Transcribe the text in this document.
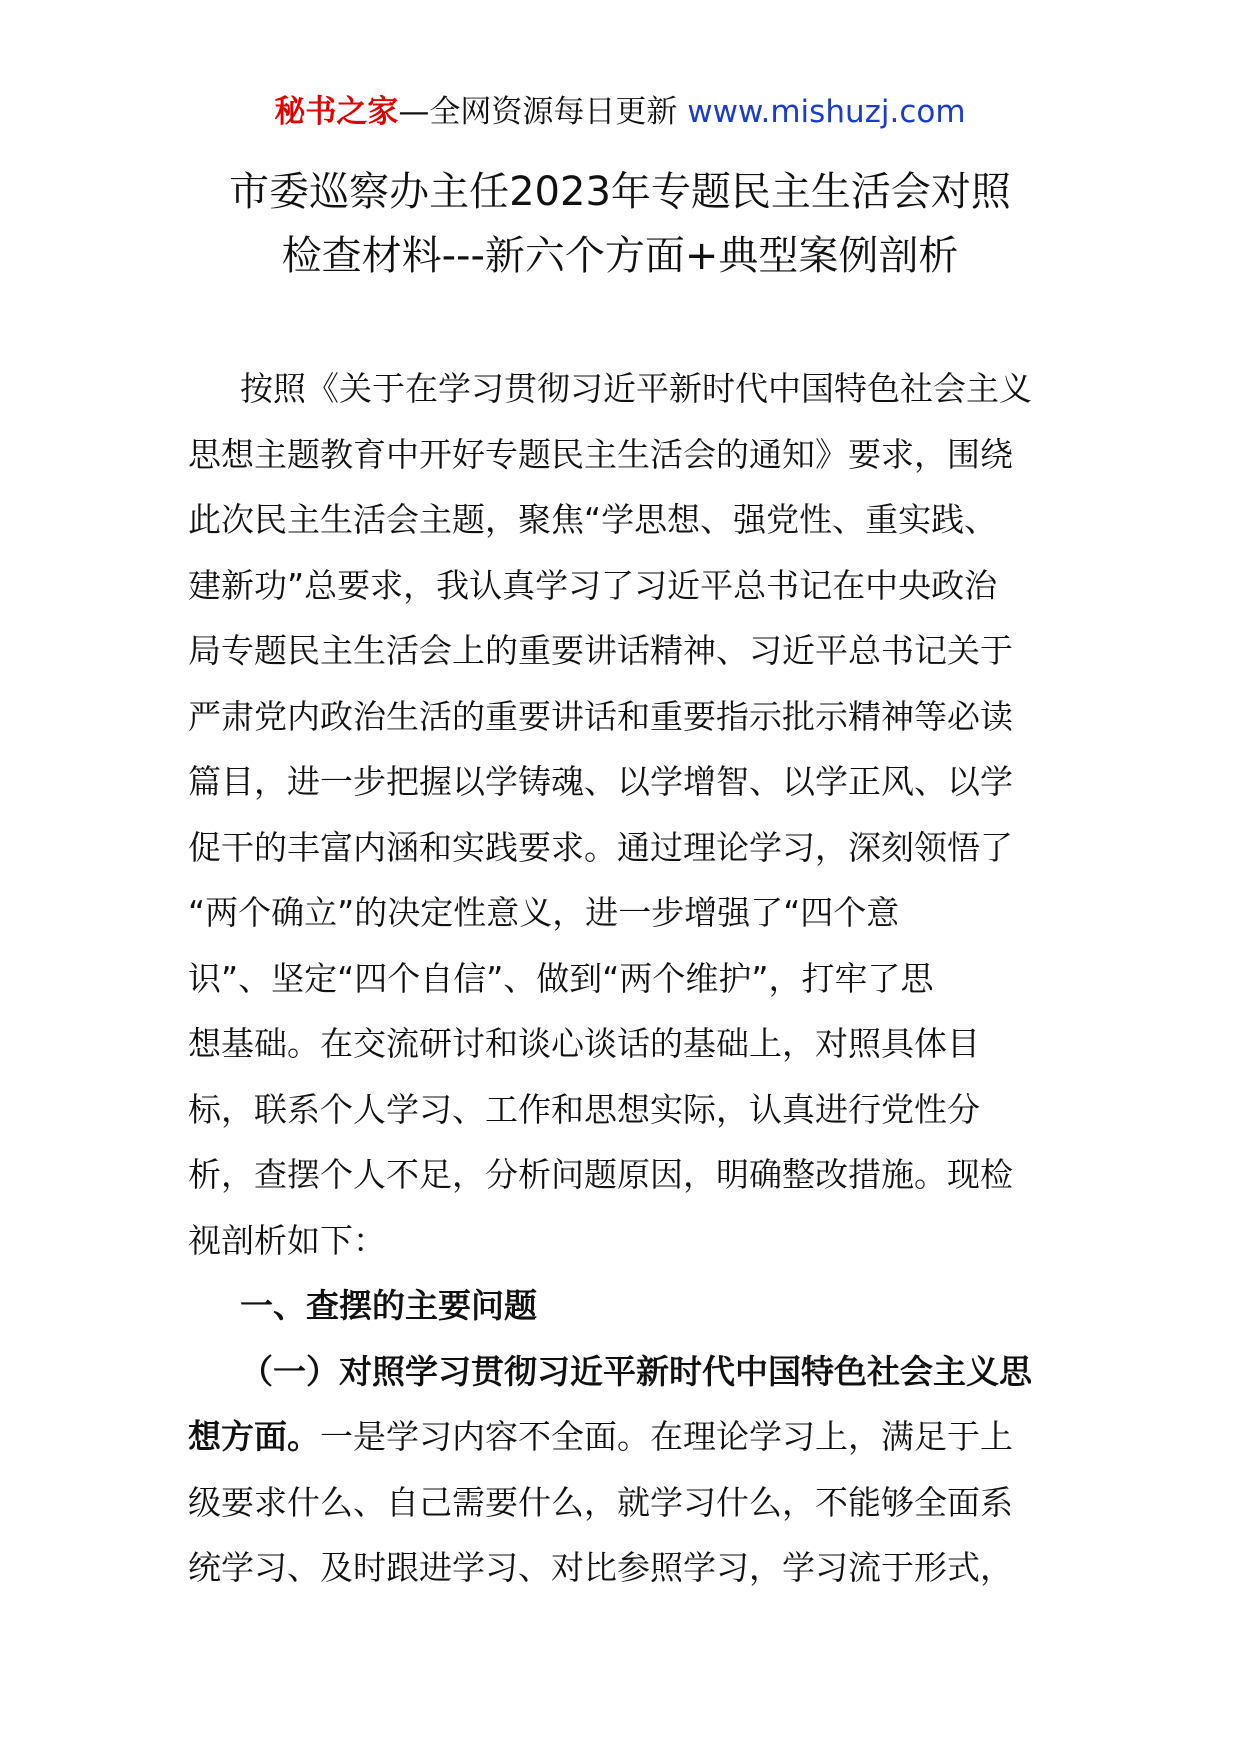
秘书之家—全网资源每日更新 www.mishuzj.com
市委巡察办主任2023年专题民主生活会对照
检查材料---新六个方面+典型案例剖析
按照《关于在学习贯彻习近平新时代中国特色社会主义
思想主题教育中开好专题民主生活会的通知》要求，围绕
此次民主生活会主题，聚焦“学思想、强党性、重实践、
建新功”总要求，我认真学习了习近平总书记在中央政治
局专题民主生活会上的重要讲话精神、习近平总书记关于
严肃党内政治生活的重要讲话和重要指示批示精神等必读
篇目，进一步把握以学铸魂、以学增智、以学正风、以学
促干的丰富内涵和实践要求。通过理论学习，深刻领悟了
“两个确立”的决定性意义，进一步增强了“四个意
识”、坚定“四个自信”、做到“两个维护”，打牢了思
想基础。在交流研讨和谈心谈话的基础上，对照具体目
标，联系个人学习、工作和思想实际，认真进行党性分
析，查摆个人不足，分析问题原因，明确整改措施。现检
视剖析如下：
一、查摆的主要问题
（一）对照学习贯彻习近平新时代中国特色社会主义思
想方面。一是学习内容不全面。在理论学习上，满足于上
级要求什么、自己需要什么，就学习什么，不能够全面系
统学习、及时跟进学习、对比参照学习，学习流于形式，
